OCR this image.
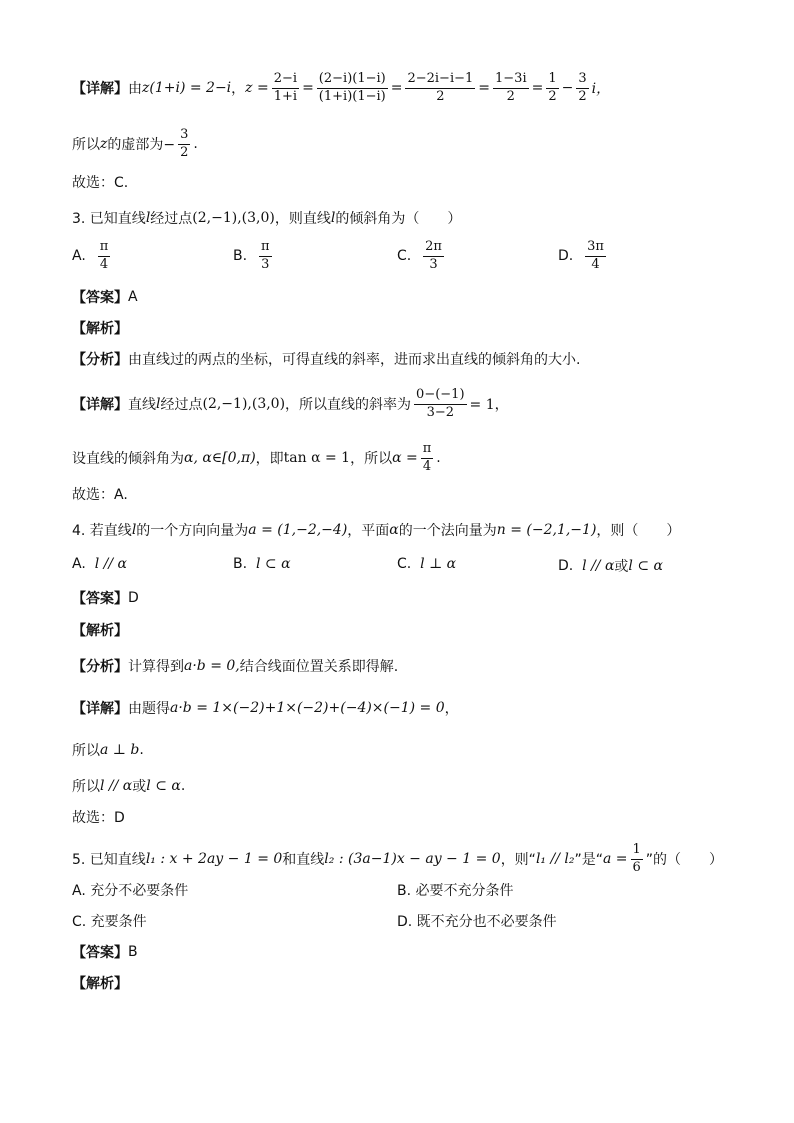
【详解】 由 z(1+i) = 2−i ， $z = \frac{2-i}{1+i} = \frac{(2-i)(1-i)}{(1+i)(1-i)} = \frac{2-2i-i-1}{2} = \frac{1-3i}{2} = \frac{1}{2} - \frac{3}{2}$ i，
所以 z 的虚部为− $\frac{3}{2}$ .
故选：C.
3. 已知直线 l 经过点 (2,−1),(3,0) ，则直线 l 的倾斜角为（　　）
A.
$\frac{\pi}{4}$	B.
$\frac{\pi}{3}$	C.
$\frac{2\pi}{3}$	D.
$\frac{3\pi}{4}$
【答案】 A
【解析】
【分析】 由直线过的两点的坐标，可得直线的斜率，进而求出直线的倾斜角的大小.
【详解】 直线 l 经过点 (2,−1),(3,0) ，所以直线的斜率为 $\frac{0-(-1)}{3-2} = 1$，
设直线的倾斜角为 α, α∈[0,π) ，即 tan α = 1 ，所以 $\alpha = \frac{\pi}{4}$ .
故选：A.
4. 若直线 l 的一个方向向量为 a = (1,−2,−4) ，平面 α 的一个法向量为 n = (−2,1,−1) ，则（　　）
A.
l // α	B.
l ⊂ α	C.
l ⊥ α	D.
l // α 或 l ⊂ α
【答案】 D
【解析】
【分析】 计算得到 a·b = 0, 结合线面位置关系即得解.
【详解】 由题得 a·b = 1×(−2)+1×(−2)+(−4)×(−1) = 0 ，
所以 a ⊥ b .
所以 l // α 或 l ⊂ α .
故选：D
5. 已知直线 l₁ : x + 2ay − 1 = 0 和直线 l₂ : (3a−1)x − ay − 1 = 0 ，则“ l₁ // l₂ ”是“ $a = \frac{1}{6}$ ”的（　　）
A. 充分不必要条件	B. 必要不充分条件
C. 充要条件	D. 既不充分也不必要条件
【答案】 B
【解析】
